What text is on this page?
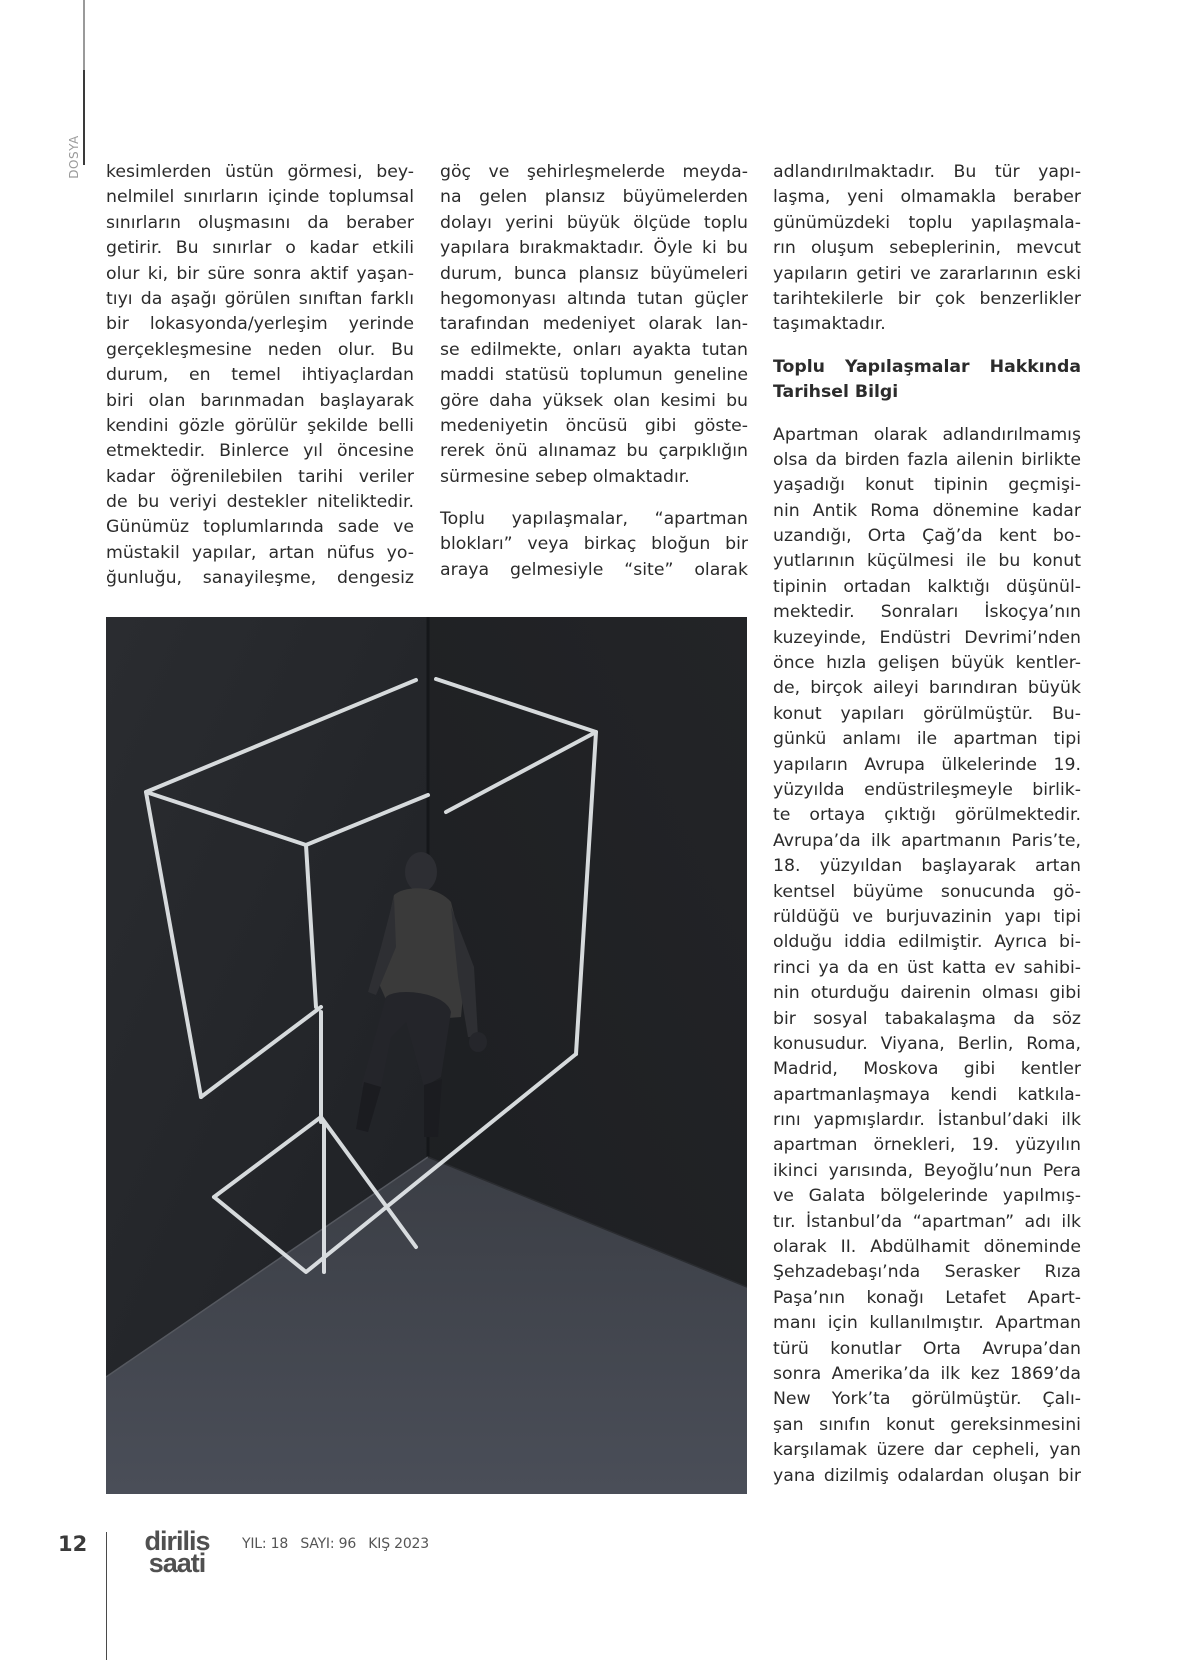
DOSYA kesimlerden üstün görmesi, bey-
nelmilel sınırların içinde toplumsal
sınırların oluşmasını da beraber
getirir. Bu sınırlar o kadar etkili
olur ki, bir süre sonra aktif yaşan-
tıyı da aşağı görülen sınıftan farklı
bir lokasyonda/yerleşim yerinde
gerçekleşmesine neden olur. Bu
durum, en temel ihtiyaçlardan
biri olan barınmadan başlayarak
kendini gözle görülür şekilde belli
etmektedir. Binlerce yıl öncesine
kadar öğrenilebilen tarihi veriler
de bu veriyi destekler niteliktedir.
Günümüz toplumlarında sade ve
müstakil yapılar, artan nüfus yo-
ğunluğu, sanayileşme, dengesiz
göç ve şehirleşmelerde meyda-
na gelen plansız büyümelerden
dolayı yerini büyük ölçüde toplu
yapılara bırakmaktadır. Öyle ki bu
durum, bunca plansız büyümeleri
hegomonyası altında tutan güçler
tarafından medeniyet olarak lan-
se edilmekte, onları ayakta tutan
maddi statüsü toplumun geneline
göre daha yüksek olan kesimi bu
medeniyetin öncüsü gibi göste-
rerek önü alınamaz bu çarpıklığın
sürmesine sebep olmaktadır.
Toplu yapılaşmalar, “apartman
blokları” veya birkaç bloğun bir
araya gelmesiyle “site” olarak
adlandırılmaktadır. Bu tür yapı-
laşma, yeni olmamakla beraber
günümüzdeki toplu yapılaşmala-
rın oluşum sebeplerinin, mevcut
yapıların getiri ve zararlarının eski
tarihtekilerle bir çok benzerlikler
taşımaktadır.
Toplu Yapılaşmalar Hakkında
Tarihsel Bilgi
Apartman olarak adlandırılmamış
olsa da birden fazla ailenin birlikte
yaşadığı konut tipinin geçmişi-
nin Antik Roma dönemine kadar
uzandığı, Orta Çağ’da kent bo-
yutlarının küçülmesi ile bu konut
tipinin ortadan kalktığı düşünül-
mektedir. Sonraları İskoçya’nın
kuzeyinde, Endüstri Devrimi’nden
önce hızla gelişen büyük kentler-
de, birçok aileyi barındıran büyük
konut yapıları görülmüştür. Bu-
günkü anlamı ile apartman tipi
yapıların Avrupa ülkelerinde 19.
yüzyılda endüstrileşmeyle birlik-
te ortaya çıktığı görülmektedir.
Avrupa’da ilk apartmanın Paris’te,
18. yüzyıldan başlayarak artan
kentsel büyüme sonucunda gö-
rüldüğü ve burjuvazinin yapı tipi
olduğu iddia edilmiştir. Ayrıca bi-
rinci ya da en üst katta ev sahibi-
nin oturduğu dairenin olması gibi
bir sosyal tabakalaşma da söz
konusudur. Viyana, Berlin, Roma,
Madrid, Moskova gibi kentler
apartmanlaşmaya kendi katkıla-
rını yapmışlardır. İstanbul’daki ilk
apartman örnekleri, 19. yüzyılın
ikinci yarısında, Beyoğlu’nun Pera
ve Galata bölgelerinde yapılmış-
tır. İstanbul’da “apartman” adı ilk
olarak II. Abdülhamit döneminde
Şehzadebaşı’nda Serasker Rıza
Paşa’nın konağı Letafet Apart-
manı için kullanılmıştır. Apartman
türü konutlar Orta Avrupa’dan
sonra Amerika’da ilk kez 1869’da
New York’ta görülmüştür. Çalı-
şan sınıfın konut gereksinmesini
karşılamak üzere dar cepheli, yan
yana dizilmiş odalardan oluşan bir
12	dirilis
saati
YIL: 18 SAYI: 96 KIŞ 2023
